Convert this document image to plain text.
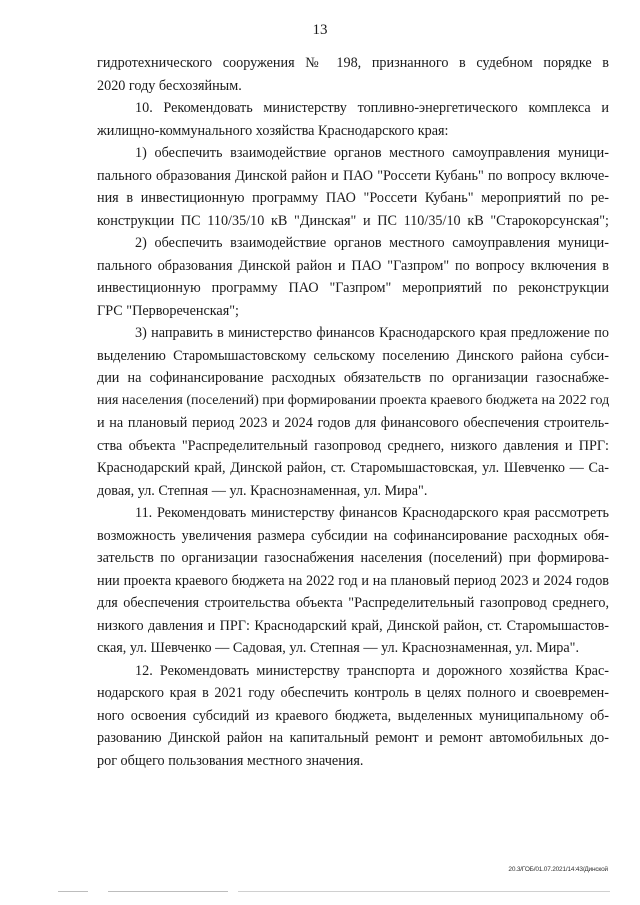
13
гидротехнического сооружения № 198, признанного в судебном порядке в
2020 году бесхозяйным.
10. Рекомендовать министерству топливно-энергетического комплекса и
жилищно-коммунального хозяйства Краснодарского края:
1) обеспечить взаимодействие органов местного самоуправления муници-
пального образования Динской район и ПАО "Россети Кубань" по вопросу включе-
ния в инвестиционную программу ПАО "Россети Кубань" мероприятий по ре-
конструкции ПС 110/35/10 кВ "Динская" и ПС 110/35/10 кВ "Старокорсунская";
2) обеспечить взаимодействие органов местного самоуправления муници-
пального образования Динской район и ПАО "Газпром" по вопросу включения в
инвестиционную программу ПАО "Газпром" мероприятий по реконструкции
ГРС "Первореченская";
3) направить в министерство финансов Краснодарского края предложение по
выделению Старомышастовскому сельскому поселению Динского района субси-
дии на софинансирование расходных обязательств по организации газоснабже-
ния населения (поселений) при формировании проекта краевого бюджета на 2022 год
и на плановый период 2023 и 2024 годов для финансового обеспечения строитель-
ства объекта "Распределительный газопровод среднего, низкого давления и ПРГ:
Краснодарский край, Динской район, ст. Старомышастовская, ул. Шевченко — Са-
довая, ул. Степная — ул. Краснознаменная, ул. Мира".
11. Рекомендовать министерству финансов Краснодарского края рассмотреть
возможность увеличения размера субсидии на софинансирование расходных обя-
зательств по организации газоснабжения населения (поселений) при формирова-
нии проекта краевого бюджета на 2022 год и на плановый период 2023 и 2024 годов
для обеспечения строительства объекта "Распределительный газопровод среднего,
низкого давления и ПРГ: Краснодарский край, Динской район, ст. Старомышастов-
ская, ул. Шевченко — Садовая, ул. Степная — ул. Краснознаменная, ул. Мира".
12. Рекомендовать министерству транспорта и дорожного хозяйства Крас-
нодарского края в 2021 году обеспечить контроль в целях полного и своевремен-
ного освоения субсидий из краевого бюджета, выделенных муниципальному об-
разованию Динской район на капитальный ремонт и ремонт автомобильных до-
рог общего пользования местного значения.
20.3/ГОБ/01.07.2021/14:43/Динской
